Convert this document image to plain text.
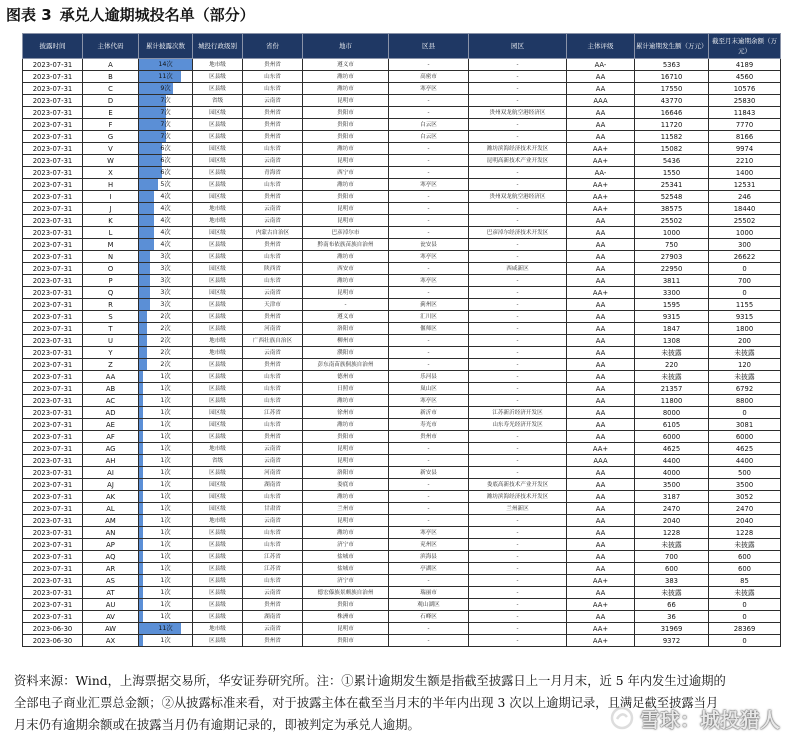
图表 3 承兑人逾期城投名单（部分）
披露时间	主体代码	累计披露次数	城投行政级别	省份	地市	区县	园区	主体评级	累计逾期发生额（万元）	截至月末逾期余额（万元）
2023-07-31	A	14次	地市级	贵州省	遵义市	-	-	AA-	5363	4189
2023-07-31	B	11次	区县级	山东省	潍坊市	高密市	-	AA	16710	4560
2023-07-31	C	9次	区县级	山东省	潍坊市	寒亭区	-	AA	17550	10576
2023-07-31	D	7次	省级	云南省	昆明市	-	-	AAA	43770	25830
2023-07-31	E	7次	园区级	贵州省	贵阳市	-	贵州双龙航空港经济区	AA	16646	11843
2023-07-31	F	7次	区县级	贵州省	贵阳市	白云区	-	AA	11720	7770
2023-07-31	G	7次	区县级	贵州省	贵阳市	白云区	-	AA	11582	8166
2023-07-31	V	6次	园区级	山东省	潍坊市	-	潍坊滨海经济技术开发区	AA+	15082	9974
2023-07-31	W	6次	园区级	云南省	昆明市	-	昆明高新技术产业开发区	AA+	5436	2210
2023-07-31	X	6次	区县级	青海省	西宁市	-	-	AA-	1550	1400
2023-07-31	H	5次	区县级	山东省	潍坊市	寒亭区	-	AA+	25341	12531
2023-07-31	I	4次	园区级	贵州省	贵阳市	-	贵州双龙航空港经济区	AA+	52548	246
2023-07-31	J	4次	地市级	云南省	昆明市	-	-	AA+	38575	18440
2023-07-31	K	4次	地市级	云南省	昆明市	-	-	AA	25502	25502
2023-07-31	L	4次	园区级	内蒙古自治区	巴彦淖尔市	-	巴彦淖尔经济技术开发区	AA	1000	1000
2023-07-31	M	4次	区县级	贵州省	黔南布依族苗族自治州	瓮安县	-	AA	750	300
2023-07-31	N	3次	区县级	山东省	潍坊市	寒亭区	-	AA	27903	26622
2023-07-31	O	3次	园区级	陕西省	西安市	-	西咸新区	AA	22950	0
2023-07-31	P	3次	区县级	山东省	潍坊市	寒亭区	-	AA	3811	700
2023-07-31	Q	3次	园区级	云南省	昆明市	-	-	AA+	3300	0
2023-07-31	R	3次	区县级	天津市	-	蓟州区	-	AA	1595	1155
2023-07-31	S	2次	区县级	贵州省	遵义市	汇川区	-	AA	9315	9315
2023-07-31	T	2次	区县级	河南省	洛阳市	偃师区	-	AA	1847	1800
2023-07-31	U	2次	地市级	广西壮族自治区	柳州市	-	-	AA	1308	200
2023-07-31	Y	2次	地市级	云南省	濮阳市	-	-	AA	未披露	未披露
2023-07-31	Z	2次	区县级	贵州省	彭东南苗族侗族自治州	-	-	AA	220	120
2023-07-31	AA	1次	区县级	山东省	德州市	乐河县	-	AA	未披露	未披露
2023-07-31	AB	1次	区县级	山东省	日照市	岚山区	-	AA	21357	6792
2023-07-31	AC	1次	区县级	山东省	潍坊市	寒亭区	-	AA	11800	8800
2023-07-31	AD	1次	园区级	江苏省	徐州市	新沂市	江苏新沂经济开发区	AA	8000	0
2023-07-31	AE	1次	园区级	山东省	潍坊市	寿光市	山东寿光经济开发区	AA	6105	3081
2023-07-31	AF	1次	区县级	贵州省	贵阳市	贵州市	-	AA	6000	6000
2023-07-31	AG	1次	地市级	云南省	昆明市	-	-	AA+	4625	4625
2023-07-31	AH	1次	省级	云南省	昆明市	-	-	AAA	4400	4400
2023-07-31	AI	1次	区县级	河南省	洛阳市	新安县	-	AA	4000	500
2023-07-31	AJ	1次	园区级	湖南省	娄底市	-	娄底高新技术产业开发区	AA	3500	3500
2023-07-31	AK	1次	园区级	山东省	潍坊市	-	潍坊滨海经济技术开发区	AA	3187	3052
2023-07-31	AL	1次	园区级	甘肃省	兰州市	-	兰州新区	AA	2470	2470
2023-07-31	AM	1次	地市级	云南省	昆明市	-	-	AA	2040	2040
2023-07-31	AN	1次	区县级	山东省	潍坊市	寒亭区	-	AA	1228	1228
2023-07-31	AP	1次	区县级	山东省	济宁市	兖州区	-	AA	未披露	未披露
2023-07-31	AQ	1次	区县级	江苏省	盐城市	滨海县	-	AA	700	600
2023-07-31	AR	1次	区县级	江苏省	盐城市	亭湖区	-	AA	600	600
2023-07-31	AS	1次	区县级	山东省	济宁市	-	-	AA+	383	85
2023-07-31	AT	1次	区县级	云南省	德宏傣族景颇族自治州	瑞丽市	-	AA	未披露	未披露
2023-07-31	AU	1次	区县级	贵州省	贵阳市	观山湖区	-	AA+	66	0
2023-07-31	AV	1次	区县级	湖南省	株洲市	石峰区	-	AA	36	0
2023-06-30	AW	11次	地市级	云南省	昆明市	-	-	AA+	31969	28369
2023-06-30	AX	1次	区县级	贵州省	贵阳市	-	-	AA+	9372	0

资料来源：Wind，上海票据交易所，华安证券研究所。注：①累计逾期发生额是指截至披露日上一月月末，近 5 年内发生过逾期的

全部电子商业汇票总金额；②从披露标准来看，对于披露主体在截至当月末的半年内出现 3 次以上逾期记录，且满足截至披露当月

月末仍有逾期余额或在披露当月仍有逾期记录的，即被判定为承兑人逾期。	雪球：城投猎人
